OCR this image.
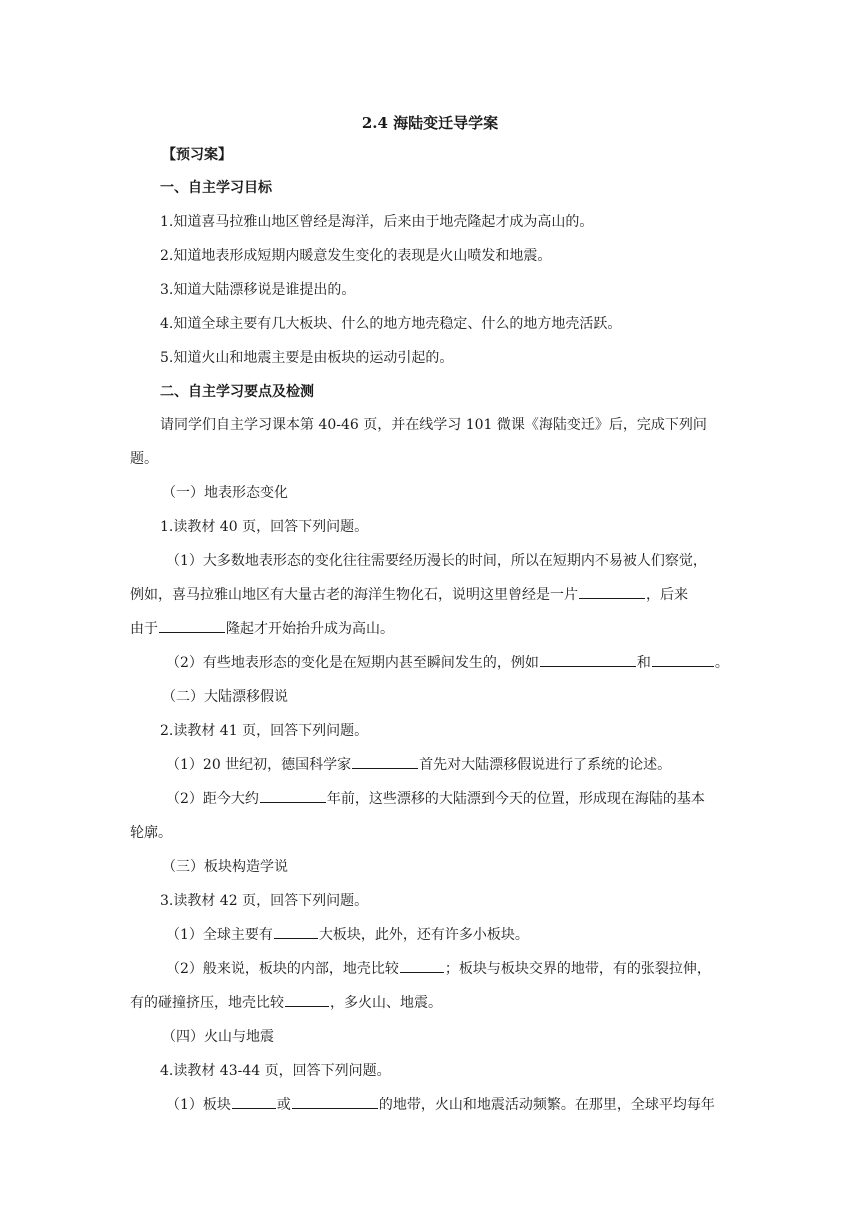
2.4 海陆变迁导学案
【预习案】
一、自主学习目标
1.知道喜马拉雅山地区曾经是海洋，后来由于地壳隆起才成为高山的。
2.知道地表形成短期内暖意发生变化的表现是火山喷发和地震。
3.知道大陆漂移说是谁提出的。
4.知道全球主要有几大板块、什么的地方地壳稳定、什么的地方地壳活跃。
5.知道火山和地震主要是由板块的运动引起的。
二、自主学习要点及检测
请同学们自主学习课本第 40-46 页，并在线学习 101 微课《海陆变迁》后，完成下列问
题。
（一）地表形态变化
1.读教材 40 页，回答下列问题。
（1）大多数地表形态的变化往往需要经历漫长的时间，所以在短期内不易被人们察觉，
例如，喜马拉雅山地区有大量古老的海洋生物化石，说明这里曾经是一片	，后来
由于	隆起才开始抬升成为高山。
（2）有些地表形态的变化是在短期内甚至瞬间发生的，例如	和	。
（二）大陆漂移假说
2.读教材 41 页，回答下列问题。
（1）20 世纪初，德国科学家	首先对大陆漂移假说进行了系统的论述。
（2）距今大约	年前，这些漂移的大陆漂到今天的位置，形成现在海陆的基本
轮廓。
（三）板块构造学说
3.读教材 42 页，回答下列问题。
（1）全球主要有	大板块，此外，还有许多小板块。
（2）般来说，板块的内部，地壳比较	；板块与板块交界的地带，有的张裂拉伸，
有的碰撞挤压，地壳比较	，多火山、地震。
（四）火山与地震
4.读教材 43-44 页，回答下列问题。
（1）板块	或	的地带，火山和地震活动频繁。在那里，全球平均每年
